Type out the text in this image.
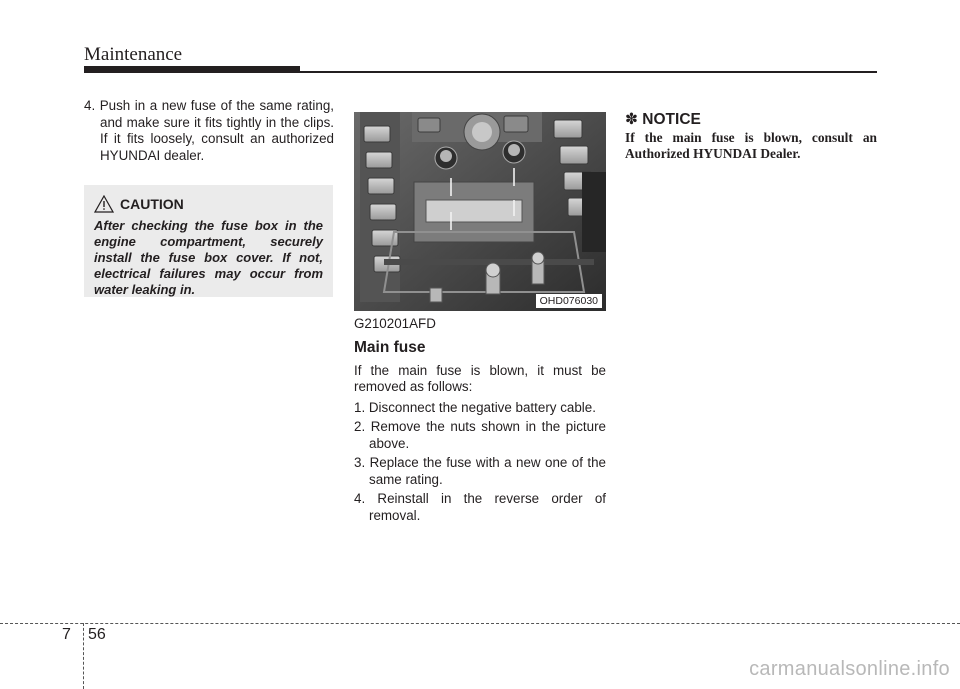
Maintenance

4. Push in a new fuse of the same rating, and make sure it fits tightly in the clips. If it fits loosely, consult an authorized HYUNDAI dealer.

CAUTION

After checking the fuse box in the engine compartment, securely install the fuse box cover. If not, electrical failures may occur from water leaking in.

OHD076030

G210201AFD

Main fuse

If the main fuse is blown, it must be removed as follows:

1. Disconnect the negative battery cable.
2. Remove the nuts shown in the picture above.
3. Replace the fuse with a new one of the same rating.
4. Reinstall in the reverse order of removal.

✽ NOTICE

If the main fuse is blown, consult an Authorized HYUNDAI Dealer.

7 56
carmanualsonline.info
